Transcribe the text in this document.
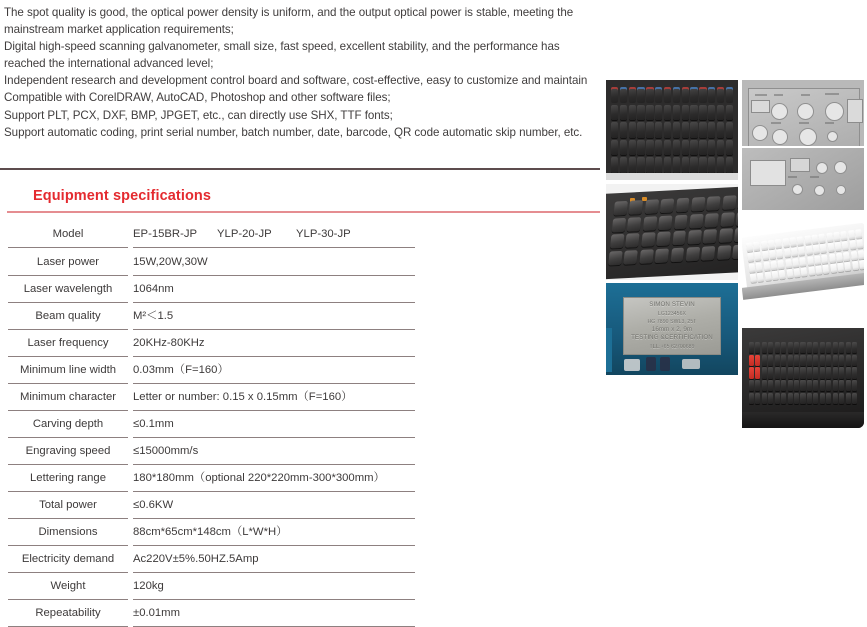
The spot quality is good, the optical power density is uniform, and the output optical power is stable, meeting the mainstream market application requirements;
Digital high-speed scanning galvanometer, small size, fast speed, excellent stability, and the performance has reached the international advanced level;
Independent research and development control board and software, cost-effective, easy to customize and maintain
Compatible with CorelDRAW, AutoCAD, Photoshop and other software files;
Support PLT, PCX, DXF, BMP, JPGET, etc., can directly use SHX, TTF fonts;
Support automatic coding, print serial number, batch number, date, barcode, QR code automatic skip number, etc.
Equipment specifications
Model	EP-15BR-JP YLP-20-JP YLP-30-JP
Laser power	15W,20W,30W
Laser wavelength	1064nm
Beam quality	M²＜1.5
Laser frequency	20KHz-80KHz
Minimum line width	0.03mm（F=160）
Minimum character	Letter or number: 0.15 x 0.15mm（F=160）
Carving depth	≤0.1mm
Engraving speed	≤15000mm/s
Lettering range	180*180mm（optional 220*220mm-300*300mm）
Total power	≤0.6KW
Dimensions	88cm*65cm*148cm（L*W*H）
Electricity demand	Ac220V±5%.50HZ.5Amp
Weight	120kg
Repeatability	±0.01mm
SIMON STEVIN
LG123456X
HG 7890 SWL3, 25T
16mm x 2, 9m
TESTING &CERTIFICATION
TEL:+65 62700689
